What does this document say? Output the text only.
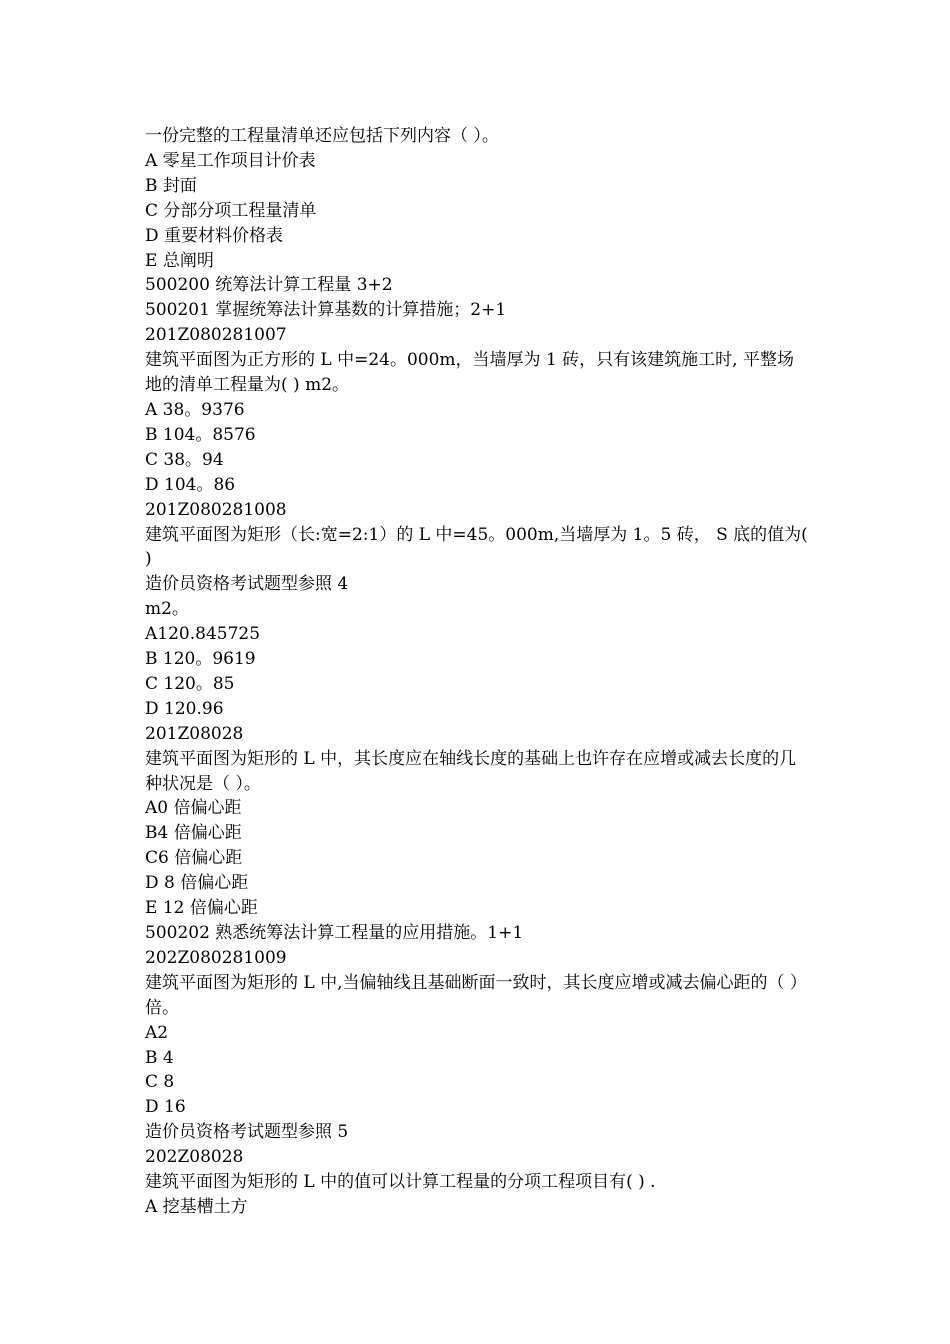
一份完整的工程量清单还应包括下列内容（ ）。

A 零星工作项目计价表

B 封面

C 分部分项工程量清单

D 重要材料价格表

E 总阐明

500200 统筹法计算工程量 3+2

500201 掌握统筹法计算基数的计算措施；2+1

201Z080281007

建筑平面图为正方形的 L 中=24。000m，当墙厚为 1 砖，只有该建筑施工时, 平整场地的清单工程量为( ) m2。

A 38。9376

B 104。8576

C 38。94

D 104。86

201Z080281008

建筑平面图为矩形（长:宽=2:1）的 L 中=45。000m,当墙厚为 1。5 砖， S 底的值为( )

造价员资格考试题型参照 4

m2。

A120.845725

B 120。9619

C 120。85

D 120.96

201Z08028

建筑平面图为矩形的 L 中，其长度应在轴线长度的基础上也许存在应增或减去长度的几种状况是（ ）。

A0 倍偏心距

B4 倍偏心距

C6 倍偏心距

D 8 倍偏心距

E 12 倍偏心距

500202 熟悉统筹法计算工程量的应用措施。1+1

202Z080281009

建筑平面图为矩形的 L 中,当偏轴线且基础断面一致时，其长度应增或减去偏心距的（ ）倍。

A2

B 4

C 8

D 16

造价员资格考试题型参照 5

202Z08028

建筑平面图为矩形的 L 中的值可以计算工程量的分项工程项目有( ) .

A 挖基槽土方
